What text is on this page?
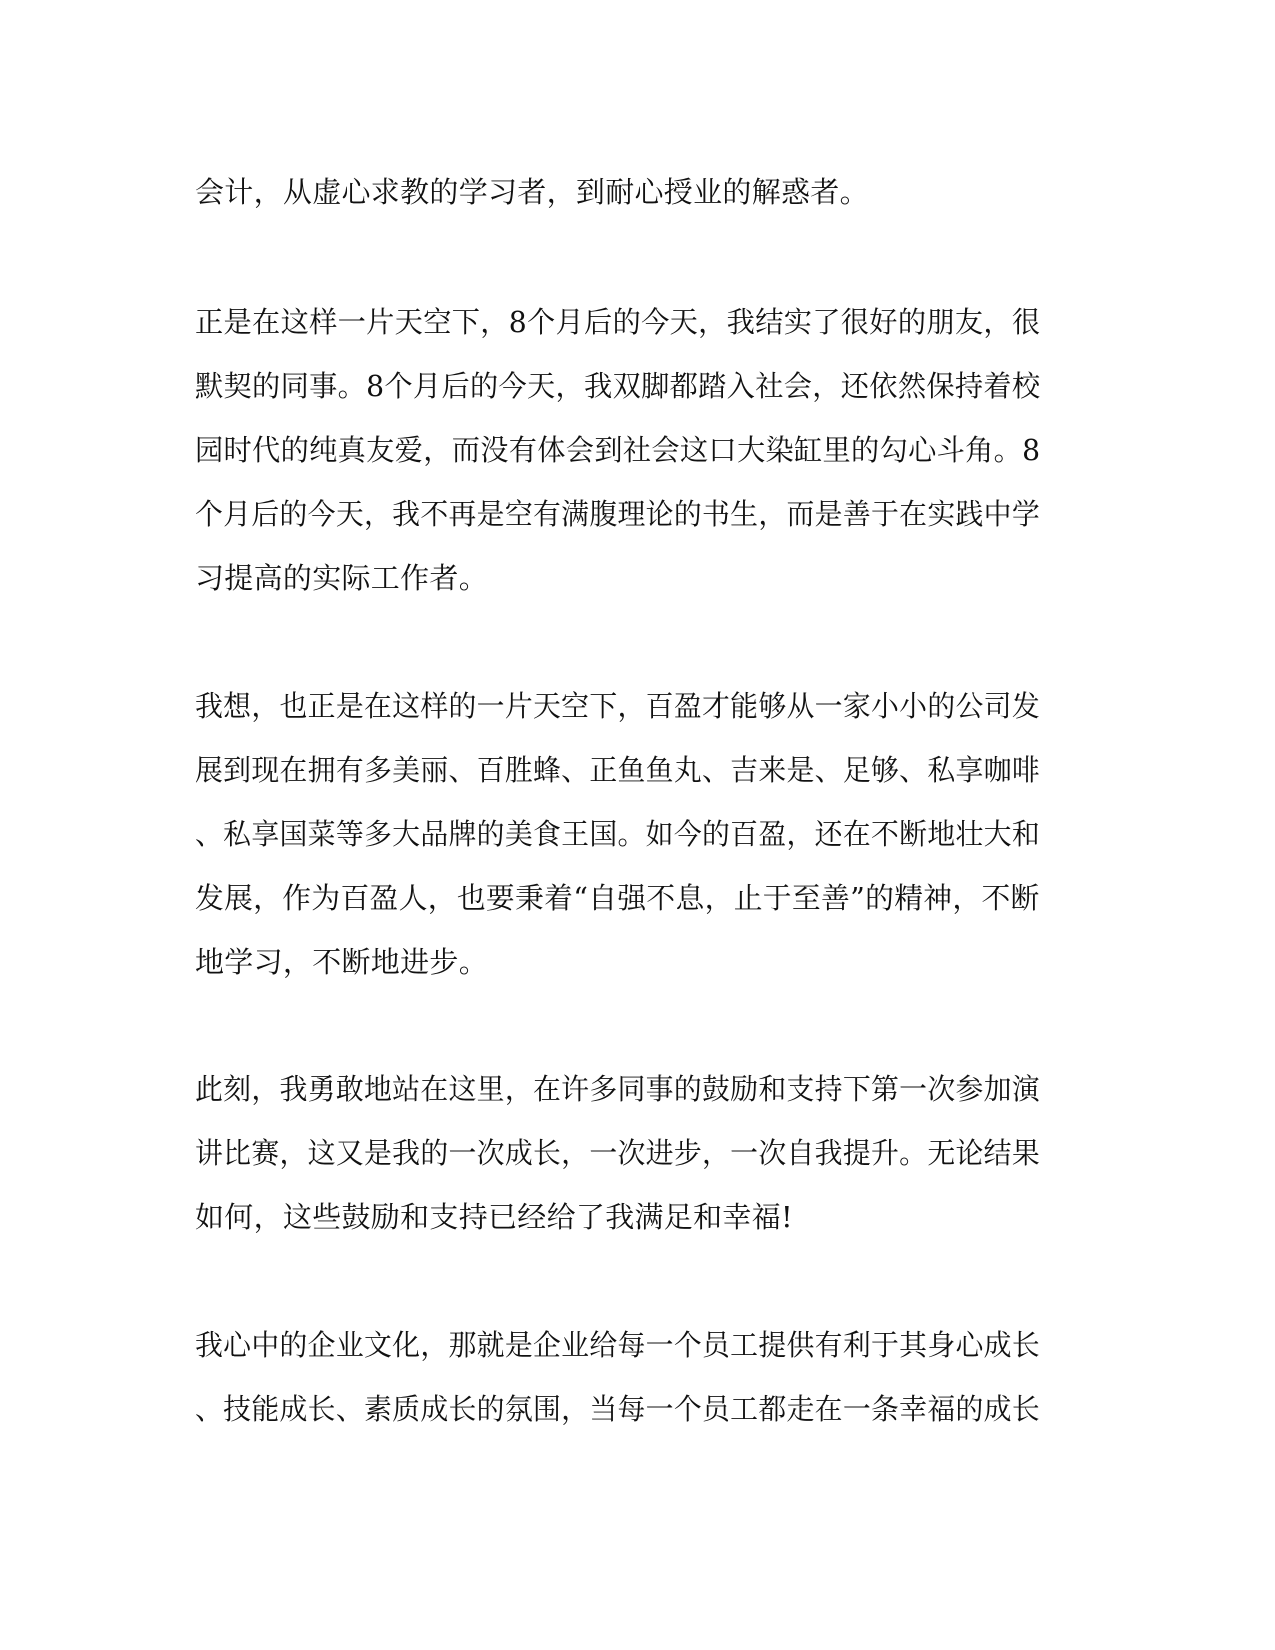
会计，从虚心求教的学习者，到耐心授业的解惑者。
正是在这样一片天空下，8个月后的今天，我结实了很好的朋友，很
默契的同事。8个月后的今天，我双脚都踏入社会，还依然保持着校
园时代的纯真友爱，而没有体会到社会这口大染缸里的勾心斗角。8
个月后的今天，我不再是空有满腹理论的书生，而是善于在实践中学
习提高的实际工作者。
我想，也正是在这样的一片天空下，百盈才能够从一家小小的公司发
展到现在拥有多美丽、百胜蜂、正鱼鱼丸、吉来是、足够、私享咖啡
、私享国菜等多大品牌的美食王国。如今的百盈，还在不断地壮大和
发展，作为百盈人，也要秉着“自强不息，止于至善”的精神，不断
地学习，不断地进步。
此刻，我勇敢地站在这里，在许多同事的鼓励和支持下第一次参加演
讲比赛，这又是我的一次成长，一次进步，一次自我提升。无论结果
如何，这些鼓励和支持已经给了我满足和幸福!
我心中的企业文化，那就是企业给每一个员工提供有利于其身心成长
、技能成长、素质成长的氛围，当每一个员工都走在一条幸福的成长
